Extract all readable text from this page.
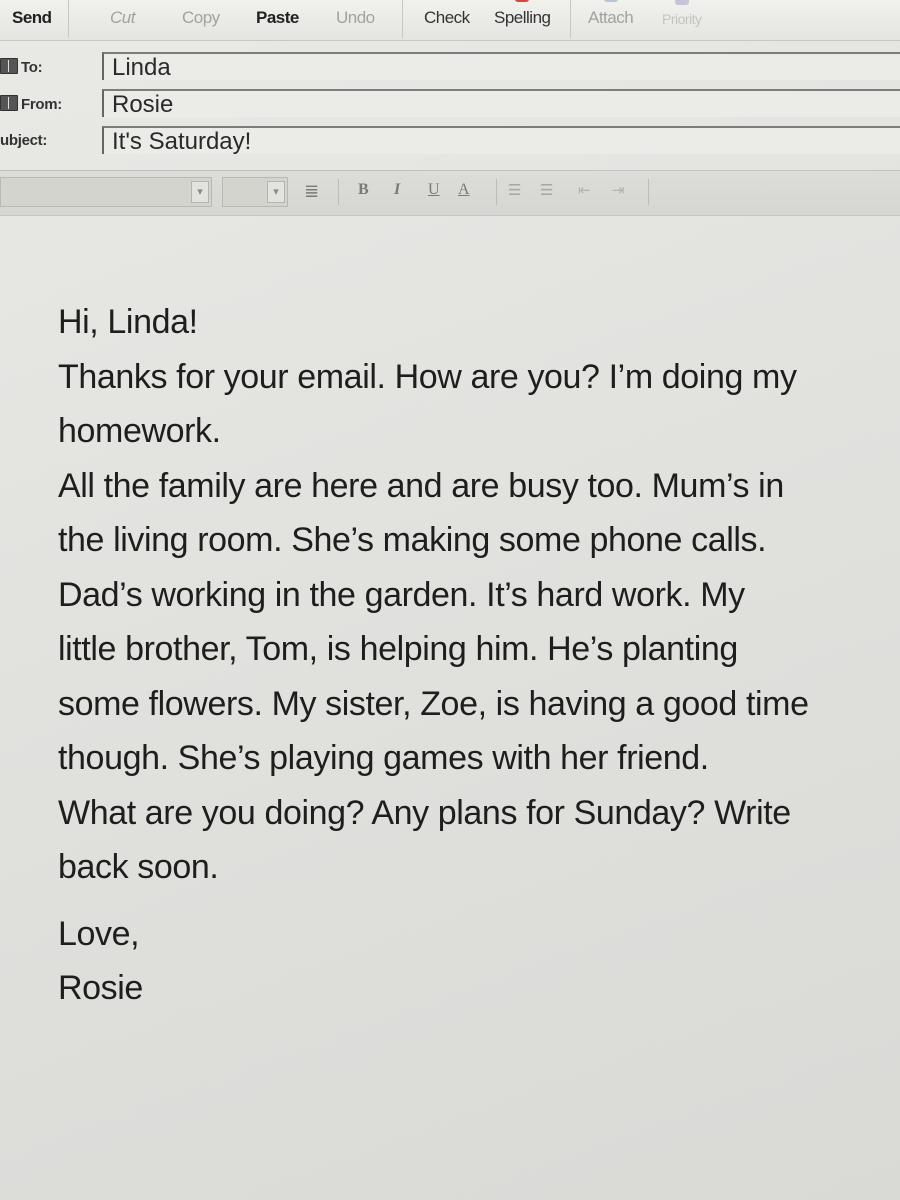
Send	Cut	Copy Paste Undo	Check Spelling Attach Priority
To:	Linda
From:	Rosie
ubject:	It's Saturday!
▾	▾	≣ B I U A	☰ ☰ ⇤ ⇥

Hi, Linda!

Thanks for your email. How are you? I’m doing my

homework.

All the family are here and are busy too. Mum’s in

the living room. She’s making some phone calls.

Dad’s working in the garden. It’s hard work. My

little brother, Tom, is helping him. He’s planting

some flowers. My sister, Zoe, is having a good time

though. She’s playing games with her friend.

What are you doing? Any plans for Sunday? Write

back soon.

Love,

Rosie
